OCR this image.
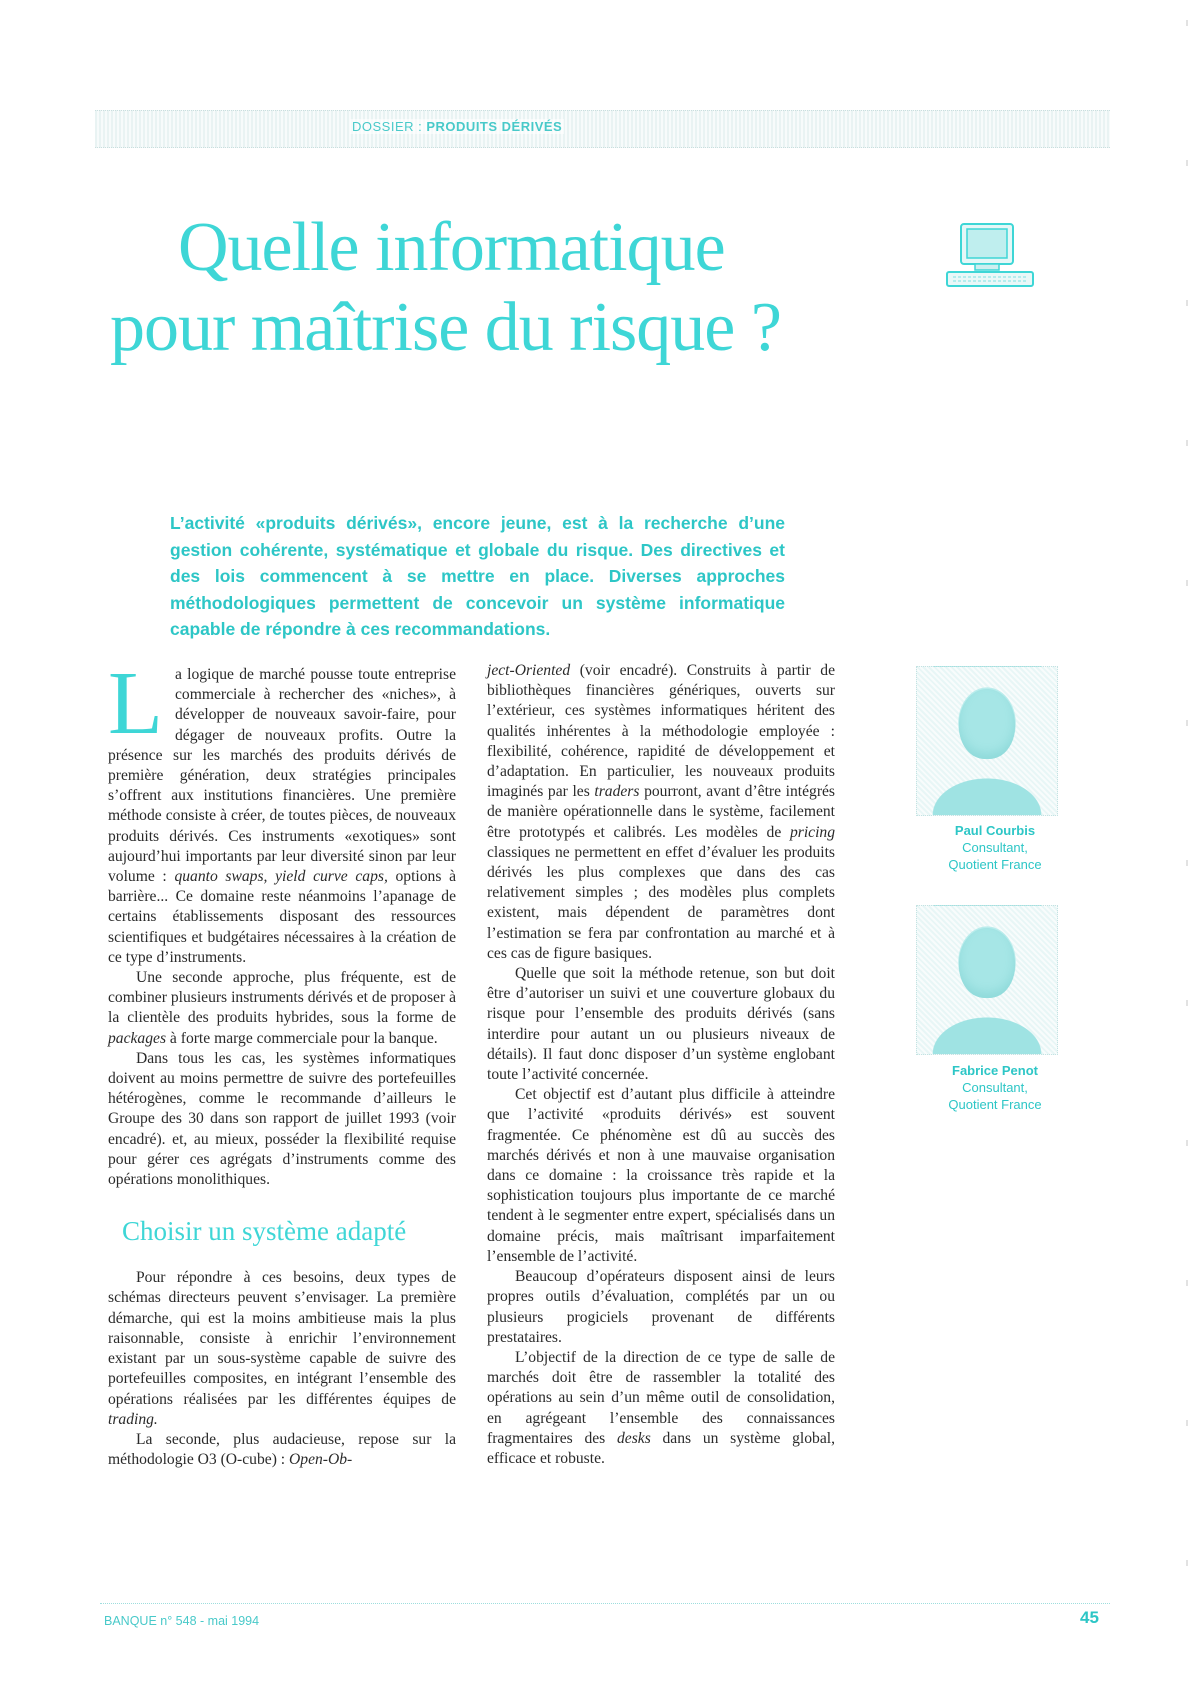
DOSSIER : PRODUITS DÉRIVÉS
Quelle informatique
pour maîtrise du risque ?

L’activité «produits dérivés», encore jeune, est à la recherche d’une gestion cohérente, systématique et globale du risque. Des directives et des lois commencent à se mettre en place. Diverses approches méthodologiques permettent de concevoir un système informatique capable de répondre à ces recommandations.

La logique de marché pousse toute entreprise commerciale à rechercher des «niches», à développer de nouveaux savoir-faire, pour dégager de nouveaux profits. Outre la présence sur les marchés des produits dérivés de première génération, deux stratégies principales s’offrent aux institutions financières. Une première méthode consiste à créer, de toutes pièces, de nouveaux produits dérivés. Ces instruments «exotiques» sont aujourd’hui importants par leur diversité sinon par leur volume : quanto swaps, yield curve caps, options à barrière... Ce domaine reste néanmoins l’apanage de certains établissements disposant des ressources scientifiques et budgétaires nécessaires à la création de ce type d’instruments.

Une seconde approche, plus fréquente, est de combiner plusieurs instruments dérivés et de proposer à la clientèle des produits hybrides, sous la forme de packages à forte marge commerciale pour la banque.

Dans tous les cas, les systèmes informatiques doivent au moins permettre de suivre des portefeuilles hétérogènes, comme le recommande d’ailleurs le Groupe des 30 dans son rapport de juillet 1993 (voir encadré). et, au mieux, posséder la flexibilité requise pour gérer ces agrégats d’instruments comme des opérations monolithiques.

Choisir un système adapté

Pour répondre à ces besoins, deux types de schémas directeurs peuvent s’envisager. La première démarche, qui est la moins ambitieuse mais la plus raisonnable, consiste à enrichir l’environnement existant par un sous-système capable de suivre des portefeuilles composites, en intégrant l’ensemble des opérations réalisées par les différentes équipes de trading.

La seconde, plus audacieuse, repose sur la méthodologie O3 (O-cube) : Open-Ob-

ject-Oriented (voir encadré). Construits à partir de bibliothèques financières génériques, ouverts sur l’extérieur, ces systèmes informatiques héritent des qualités inhérentes à la méthodologie employée : flexibilité, cohérence, rapidité de développement et d’adaptation. En particulier, les nouveaux produits imaginés par les traders pourront, avant d’être intégrés de manière opérationnelle dans le système, facilement être prototypés et calibrés. Les modèles de pricing classiques ne permettent en effet d’évaluer les produits dérivés les plus complexes que dans des cas relativement simples ; des modèles plus complets existent, mais dépendent de paramètres dont l’estimation se fera par confrontation au marché et à ces cas de figure basiques.

Quelle que soit la méthode retenue, son but doit être d’autoriser un suivi et une couverture globaux du risque pour l’ensemble des produits dérivés (sans interdire pour autant un ou plusieurs niveaux de détails). Il faut donc disposer d’un système englobant toute l’activité concernée.

Cet objectif est d’autant plus difficile à atteindre que l’activité «produits dérivés» est souvent fragmentée. Ce phénomène est dû au succès des marchés dérivés et non à une mauvaise organisation dans ce domaine : la croissance très rapide et la sophistication toujours plus importante de ce marché tendent à le segmenter entre expert, spécialisés dans un domaine précis, mais maîtrisant imparfaitement l’ensemble de l’activité.

Beaucoup d’opérateurs disposent ainsi de leurs propres outils d’évaluation, complétés par un ou plusieurs progiciels provenant de différents prestataires.

L’objectif de la direction de ce type de salle de marchés doit être de rassembler la totalité des opérations au sein d’un même outil de consolidation, en agrégeant l’ensemble des connaissances fragmentaires des desks dans un système global, efficace et robuste.

Paul Courbis
Consultant,
Quotient France
Fabrice Penot
Consultant,
Quotient France
BANQUE n° 548 - mai 1994	45
